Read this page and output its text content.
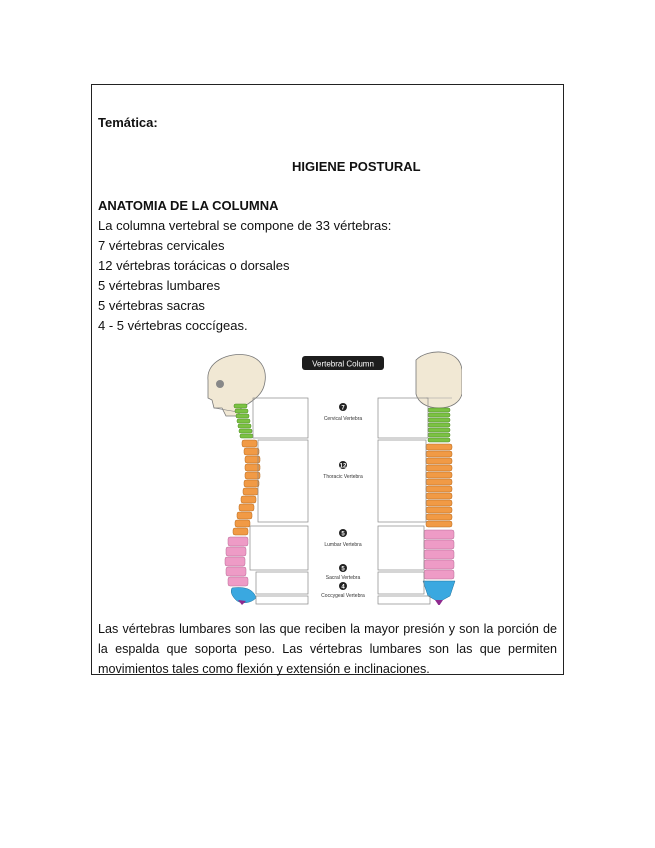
Temática:
HIGIENE POSTURAL
ANATOMIA DE LA COLUMNA
La columna vertebral se compone de 33 vértebras:
7 vértebras cervicales
12 vértebras torácicas o dorsales
5 vértebras lumbares
5 vértebras sacras
4 - 5 vértebras coccígeas.
Vertebral Column
7
Cervical Vertebra
12
Thoracic Vertebra
5
Lumbar Vertebra
5
Sacral Vertebra
4
Coccygeal Vertebra
Las vértebras lumbares son las que reciben la mayor presión y son la porción de la espalda que soporta peso. Las vértebras lumbares son las que permiten movimientos tales como flexión y extensión e inclinaciones.
